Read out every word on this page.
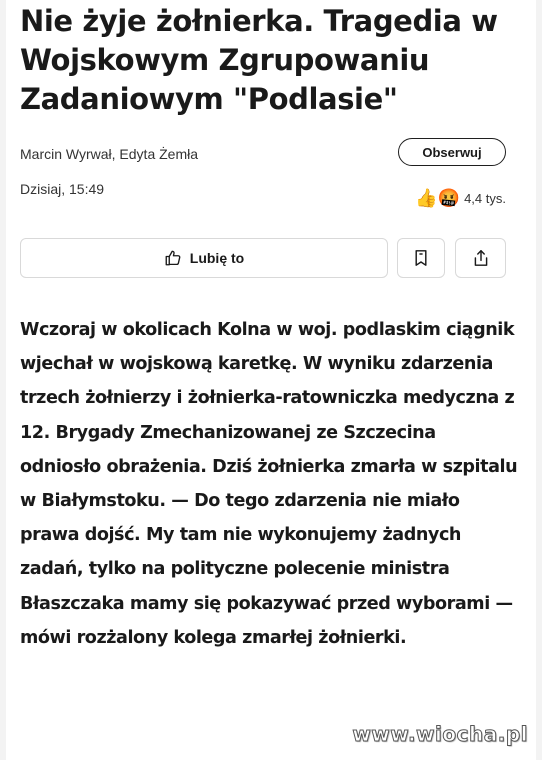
Nie żyje żołnierka. Tragedia w Wojskowym Zgrupowaniu Zadaniowym "Podlasie"
Marcin Wyrwał, Edyta Żemła	Obserwuj
Dzisiaj, 15:49	👍 🤬 4,4 tys.
Lubię to

Wczoraj w okolicach Kolna w woj. podlaskim ciągnik wjechał w wojskową karetkę. W wyniku zdarzenia trzech żołnierzy i żołnierka-ratowniczka medyczna z 12. Brygady Zmechanizowanej ze Szczecina odniosło obrażenia. Dziś żołnierka zmarła w szpitalu w Białymstoku. — Do tego zdarzenia nie miało prawa dojść. My tam nie wykonujemy żadnych zadań, tylko na polityczne polecenie ministra Błaszczaka mamy się pokazywać przed wyborami — mówi rozżalony kolega zmarłej żołnierki.

www.wiocha.pl
